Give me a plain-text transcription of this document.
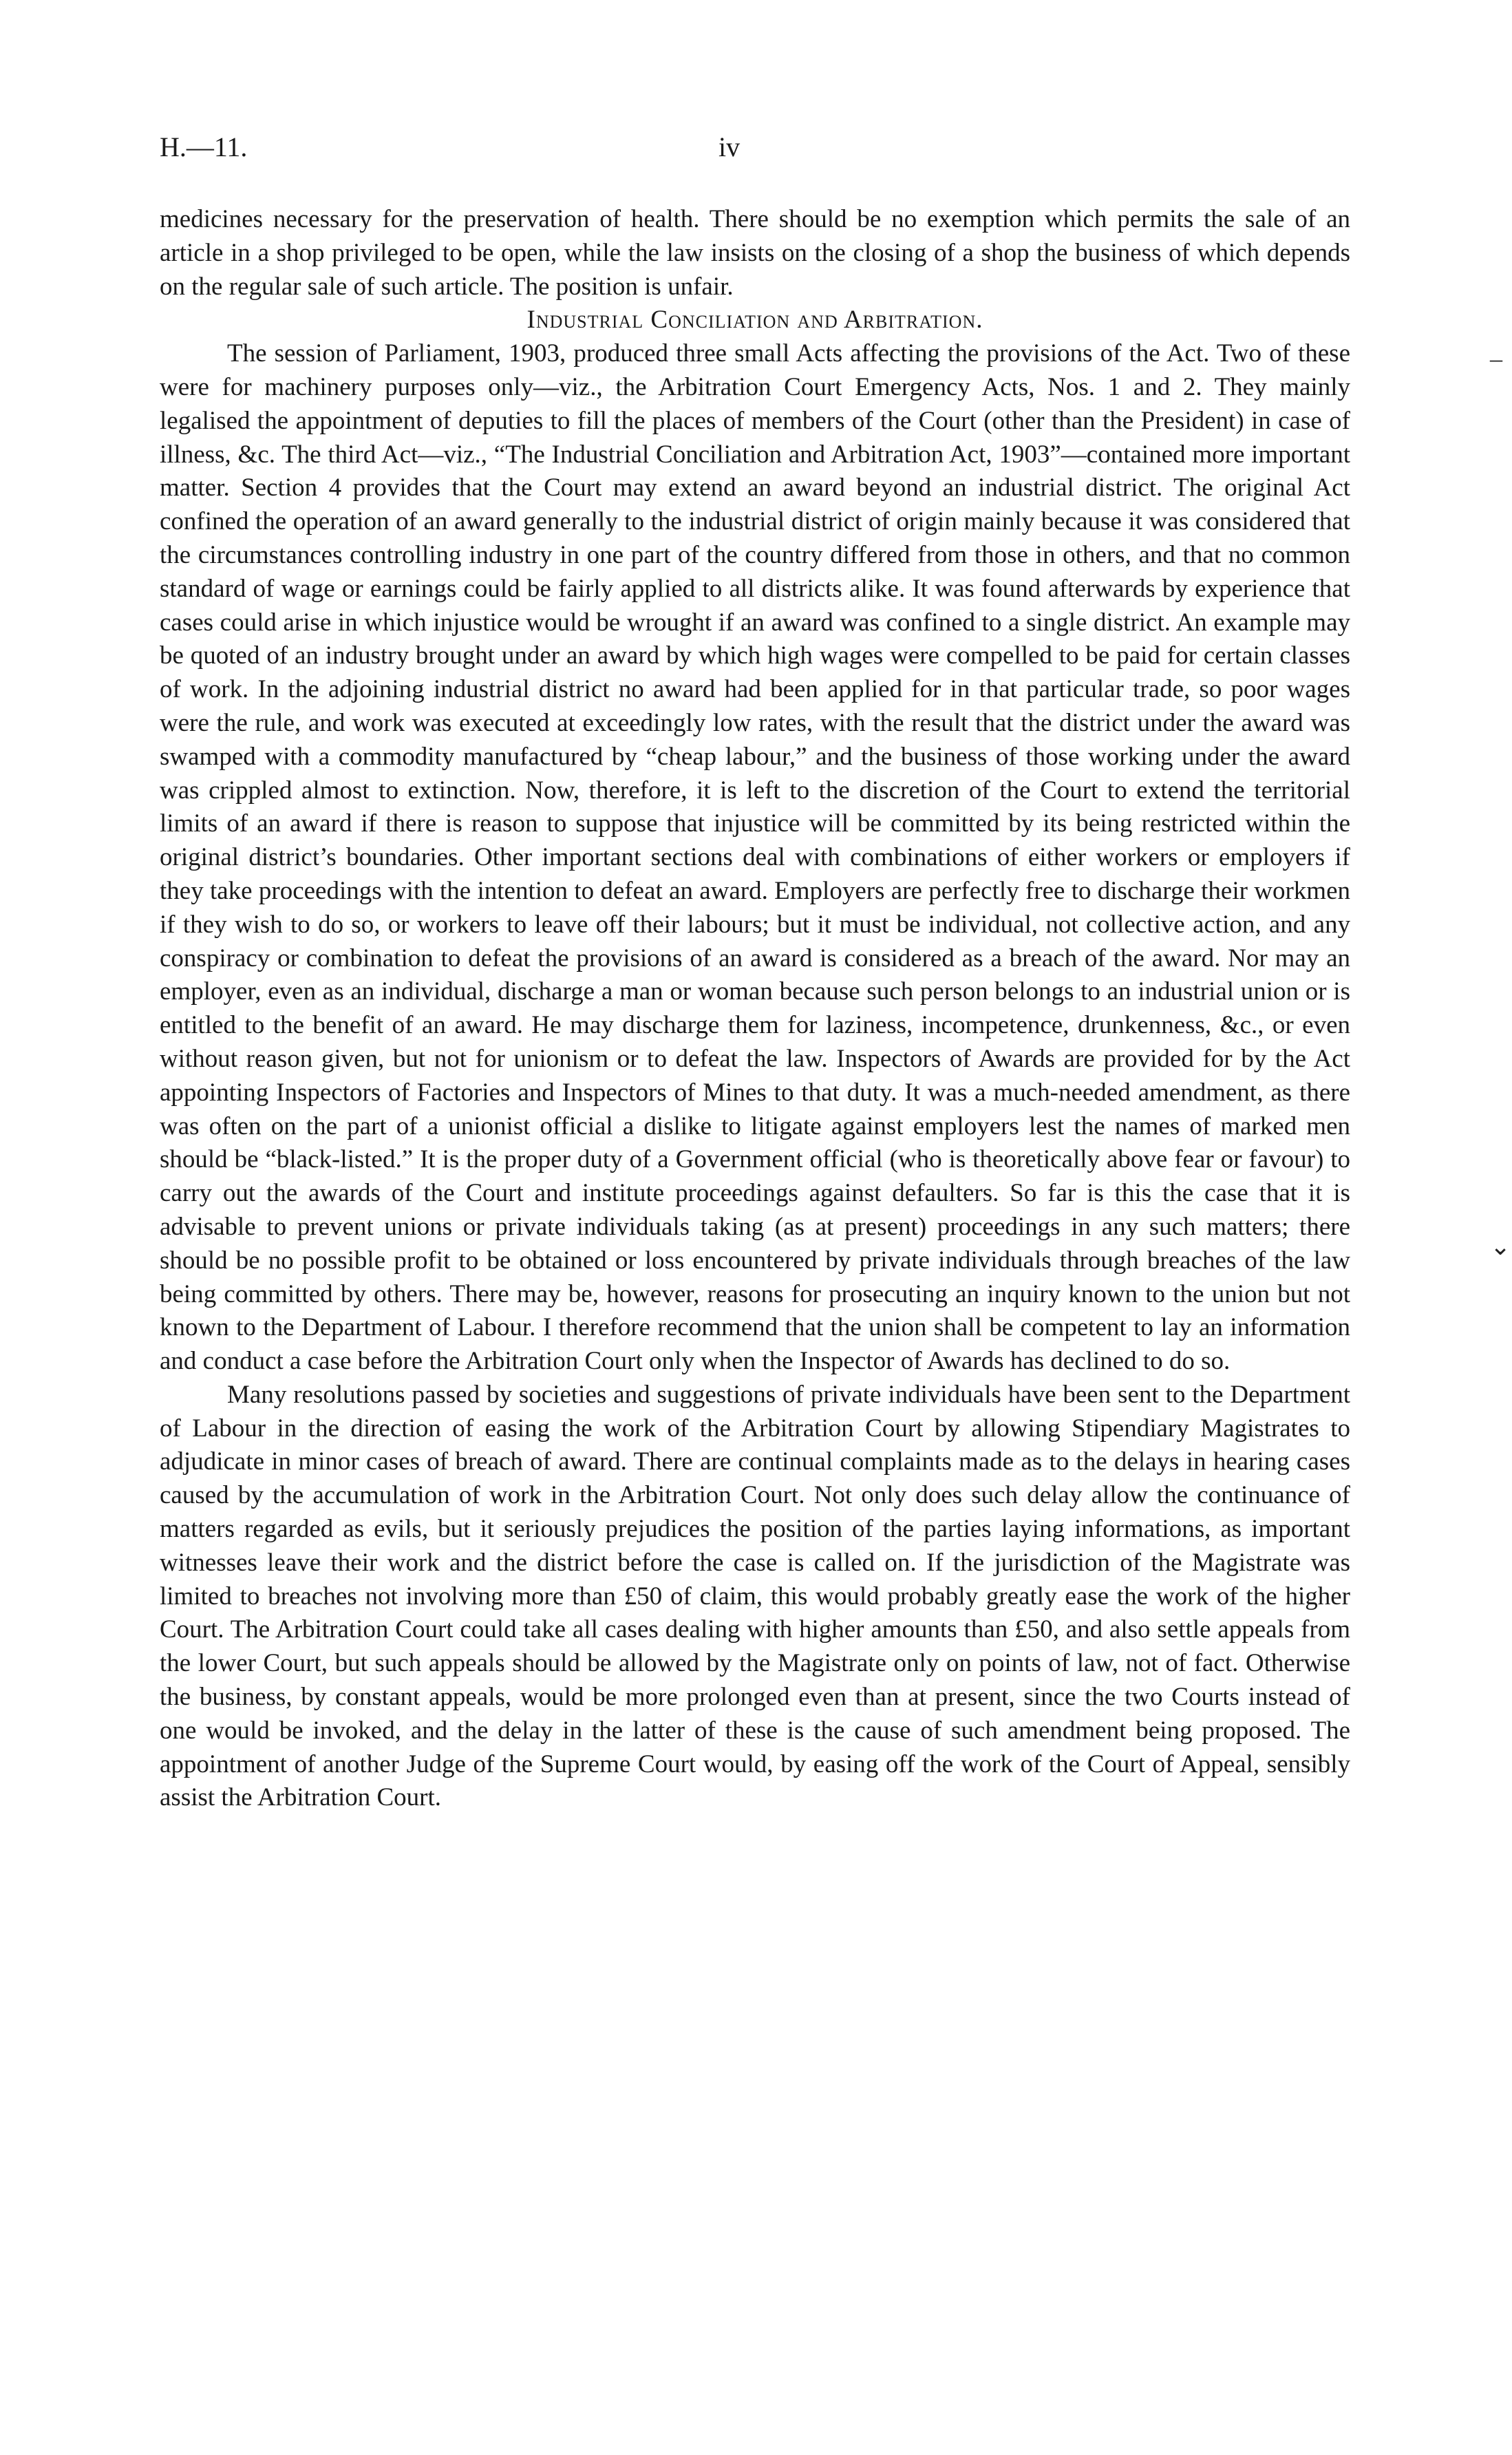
H.—11.	iv

medicines necessary for the preservation of health. There should be no exemption which permits the sale of an article in a shop privileged to be open, while the law insists on the closing of a shop the business of which depends on the regular sale of such article. The position is unfair.

Industrial Conciliation and Arbitration.

The session of Parliament, 1903, produced three small Acts affecting the provisions of the Act. Two of these were for machinery purposes only—viz., the Arbitration Court Emergency Acts, Nos. 1 and 2. They mainly legalised the appointment of deputies to fill the places of members of the Court (other than the President) in case of illness, &c. The third Act—viz., “The Industrial Conciliation and Arbitration Act, 1903”—contained more important matter. Section 4 provides that the Court may extend an award beyond an industrial district. The original Act confined the operation of an award generally to the industrial district of origin mainly because it was considered that the circumstances controlling industry in one part of the country differed from those in others, and that no common standard of wage or earnings could be fairly applied to all districts alike. It was found afterwards by experience that cases could arise in which injustice would be wrought if an award was confined to a single district. An example may be quoted of an industry brought under an award by which high wages were compelled to be paid for certain classes of work. In the adjoining industrial district no award had been applied for in that particular trade, so poor wages were the rule, and work was executed at exceedingly low rates, with the result that the district under the award was swamped with a commodity manufactured by “cheap labour,” and the business of those working under the award was crippled almost to extinction. Now, therefore, it is left to the discretion of the Court to extend the territorial limits of an award if there is reason to suppose that injustice will be committed by its being restricted within the original district’s boundaries. Other important sections deal with combinations of either workers or employers if they take proceedings with the intention to defeat an award. Employers are perfectly free to discharge their workmen if they wish to do so, or workers to leave off their labours; but it must be individual, not collective action, and any conspiracy or combination to defeat the provisions of an award is considered as a breach of the award. Nor may an employer, even as an individual, discharge a man or woman because such person belongs to an industrial union or is entitled to the benefit of an award. He may discharge them for laziness, incompetence, drunkenness, &c., or even without reason given, but not for unionism or to defeat the law. Inspectors of Awards are provided for by the Act appointing Inspectors of Factories and Inspectors of Mines to that duty. It was a much-needed amendment, as there was often on the part of a unionist official a dislike to litigate against employers lest the names of marked men should be “black-listed.” It is the proper duty of a Government official (who is theoretically above fear or favour) to carry out the awards of the Court and institute proceedings against defaulters. So far is this the case that it is advisable to prevent unions or private individuals taking (as at present) proceedings in any such matters; there should be no possible profit to be obtained or loss encountered by private individuals through breaches of the law being committed by others. There may be, however, reasons for prosecuting an inquiry known to the union but not known to the Department of Labour. I therefore recommend that the union shall be competent to lay an information and conduct a case before the Arbitration Court only when the Inspector of Awards has declined to do so.

Many resolutions passed by societies and suggestions of private individuals have been sent to the Department of Labour in the direction of easing the work of the Arbitration Court by allowing Stipendiary Magistrates to adjudicate in minor cases of breach of award. There are continual complaints made as to the delays in hearing cases caused by the accumulation of work in the Arbitration Court. Not only does such delay allow the continuance of matters regarded as evils, but it seriously prejudices the position of the parties laying informations, as important witnesses leave their work and the district before the case is called on. If the jurisdiction of the Magistrate was limited to breaches not involving more than £50 of claim, this would probably greatly ease the work of the higher Court. The Arbitration Court could take all cases dealing with higher amounts than £50, and also settle appeals from the lower Court, but such appeals should be allowed by the Magistrate only on points of law, not of fact. Otherwise the business, by constant appeals, would be more prolonged even than at present, since the two Courts instead of one would be invoked, and the delay in the latter of these is the cause of such amendment being proposed. The appointment of another Judge of the Supreme Court would, by easing off the work of the Court of Appeal, sensibly assist the Arbitration Court.

–
⌄
